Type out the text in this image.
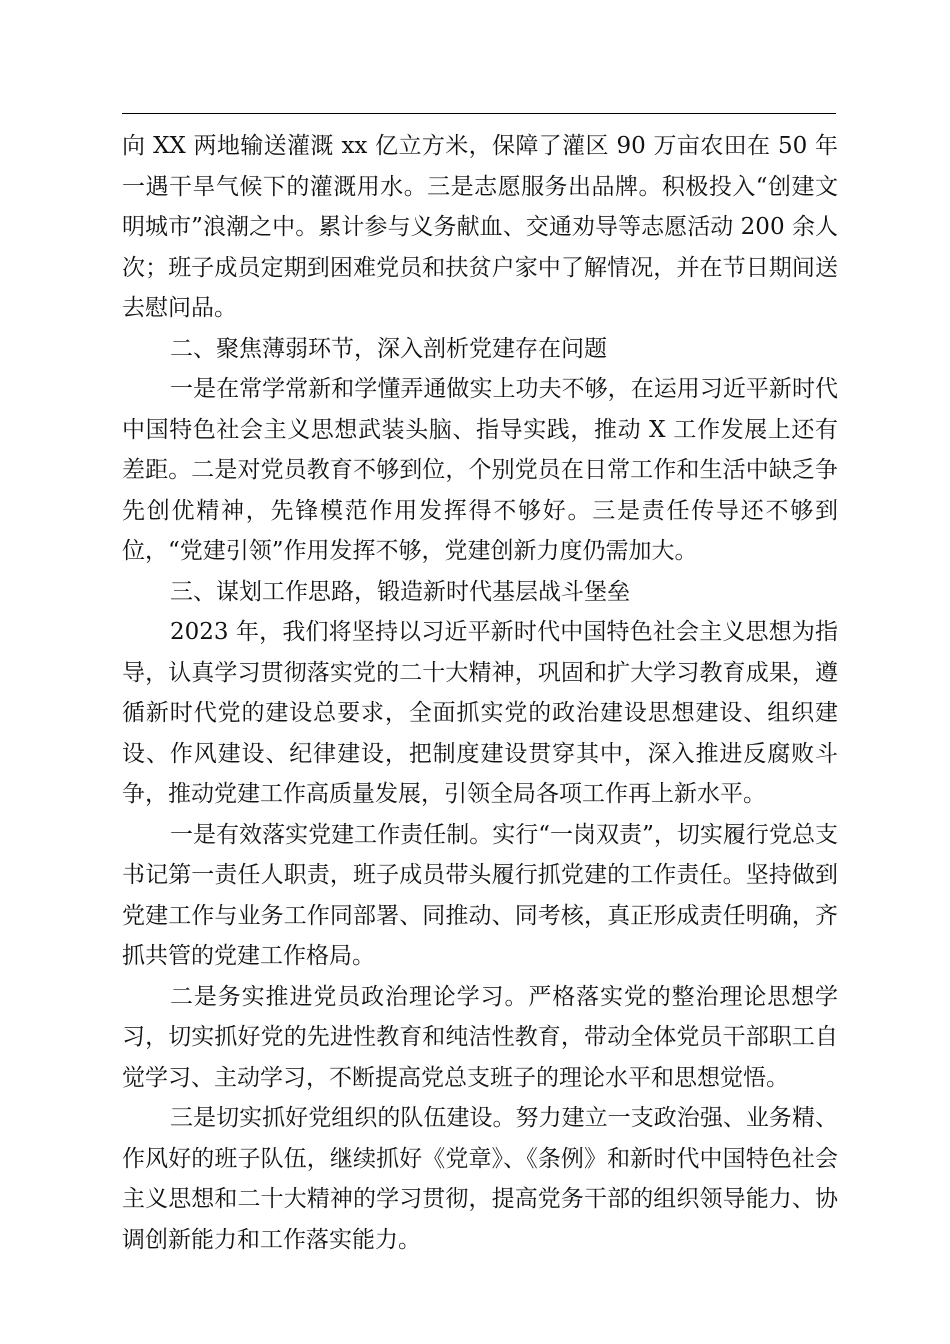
向 XX 两地输送灌溉 xx 亿立方米，保障了灌区 90 万亩农田在 50 年一遇干旱气候下的灌溉用水。三是志愿服务出品牌。积极投入“创建文明城市”浪潮之中。累计参与义务献血、交通劝导等志愿活动 200 余人次；班子成员定期到困难党员和扶贫户家中了解情况，并在节日期间送去慰问品。

二、聚焦薄弱环节，深入剖析党建存在问题

一是在常学常新和学懂弄通做实上功夫不够，在运用习近平新时代中国特色社会主义思想武装头脑、指导实践，推动 X 工作发展上还有差距。二是对党员教育不够到位，个别党员在日常工作和生活中缺乏争先创优精神，先锋模范作用发挥得不够好。三是责任传导还不够到位，“党建引领”作用发挥不够，党建创新力度仍需加大。

三、谋划工作思路，锻造新时代基层战斗堡垒

2023 年，我们将坚持以习近平新时代中国特色社会主义思想为指导，认真学习贯彻落实党的二十大精神，巩固和扩大学习教育成果，遵循新时代党的建设总要求，全面抓实党的政治建设思想建设、组织建设、作风建设、纪律建设，把制度建设贯穿其中，深入推进反腐败斗争，推动党建工作高质量发展，引领全局各项工作再上新水平。

一是有效落实党建工作责任制。实行“一岗双责”，切实履行党总支书记第一责任人职责，班子成员带头履行抓党建的工作责任。坚持做到党建工作与业务工作同部署、同推动、同考核，真正形成责任明确，齐抓共管的党建工作格局。

二是务实推进党员政治理论学习。严格落实党的整治理论思想学习，切实抓好党的先进性教育和纯洁性教育，带动全体党员干部职工自觉学习、主动学习，不断提高党总支班子的理论水平和思想觉悟。

三是切实抓好党组织的队伍建设。努力建立一支政治强、业务精、作风好的班子队伍，继续抓好《党章》、《条例》和新时代中国特色社会主义思想和二十大精神的学习贯彻，提高党务干部的组织领导能力、协调创新能力和工作落实能力。
